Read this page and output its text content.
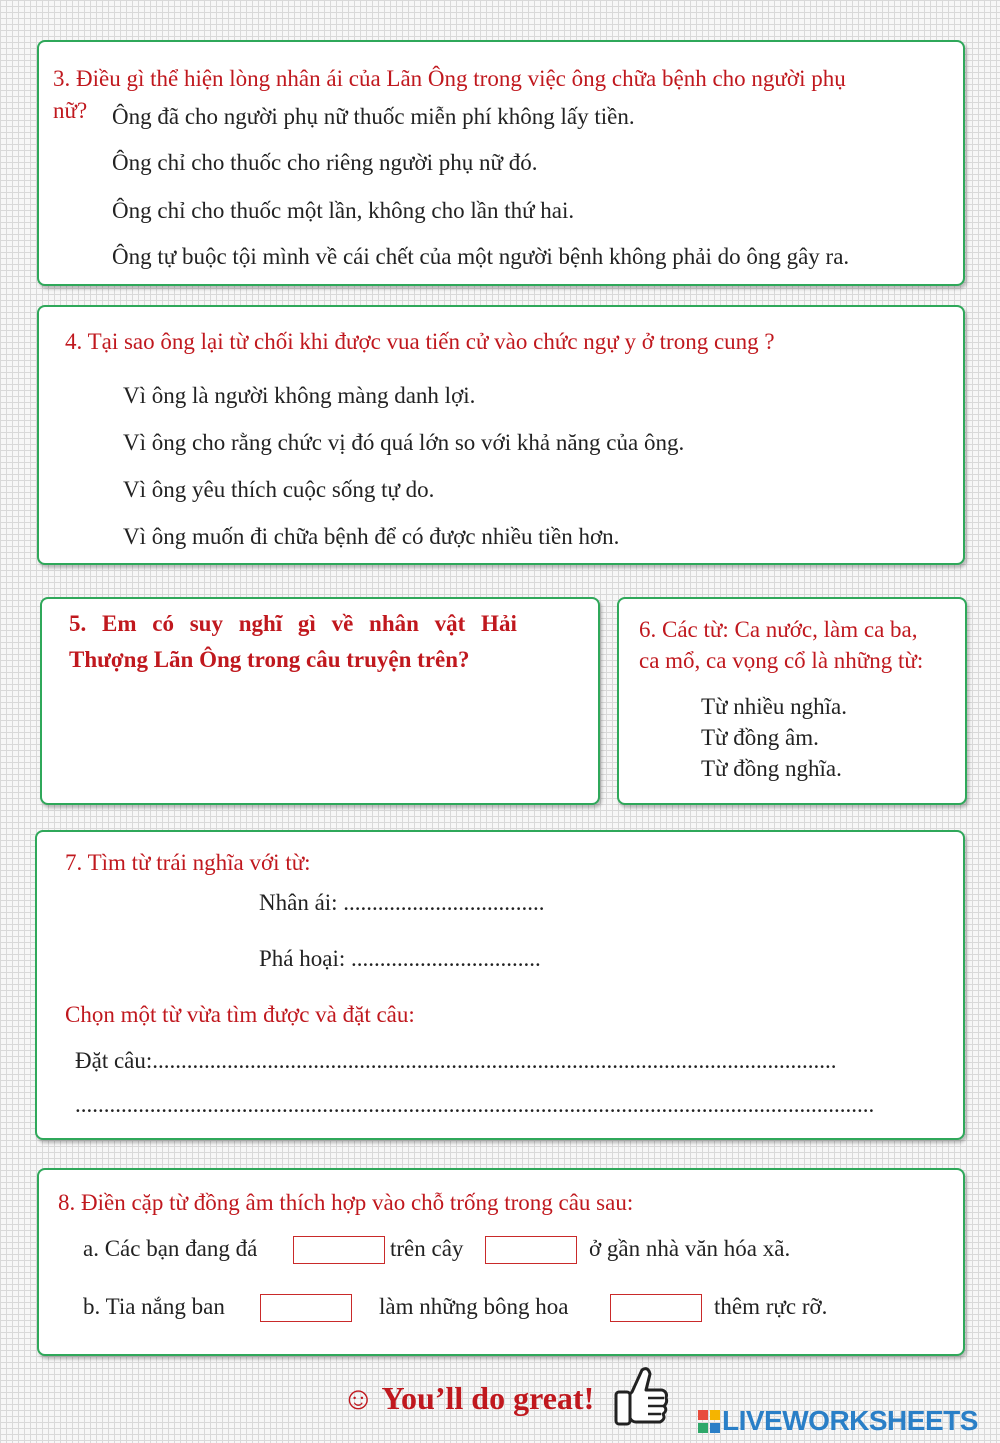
3. Điều gì thể hiện lòng nhân ái của Lãn Ông trong việc ông chữa bệnh cho người phụ
nữ? Ông đã cho người phụ nữ thuốc miễn phí không lấy tiền.
Ông chỉ cho thuốc cho riêng người phụ nữ đó.
Ông chỉ cho thuốc một lần, không cho lần thứ hai.
Ông tự buộc tội mình về cái chết của một người bệnh không phải do ông gây ra.
4. Tại sao ông lại từ chối khi được vua tiến cử vào chức ngự y ở trong cung ?
Vì ông là người không màng danh lợi.
Vì ông cho rằng chức vị đó quá lớn so với khả năng của ông.
Vì ông yêu thích cuộc sống tự do.
Vì ông muốn đi chữa bệnh để có được nhiều tiền hơn.
5. Em có suy nghĩ gì về nhân vật Hải
Thượng Lãn Ông trong câu truyện trên?
6. Các từ: Ca nước, làm ca ba,
ca mổ, ca vọng cổ là những từ:
Từ nhiều nghĩa.
Từ đồng âm.
Từ đồng nghĩa.
7. Tìm từ trái nghĩa với từ:
Nhân ái: ...................................
Phá hoại: .................................
Chọn một từ vừa tìm được và đặt câu:
Đặt câu:.......................................................................................................................
...........................................................................................................................................
8. Điền cặp từ đồng âm thích hợp vào chỗ trống trong câu sau:
a. Các bạn đang đá	trên cây	ở gần nhà văn hóa xã.
b. Tia nắng ban	làm những bông hoa	thêm rực rỡ.
☺ You’ll do great!
LIVEWORKSHEETS
